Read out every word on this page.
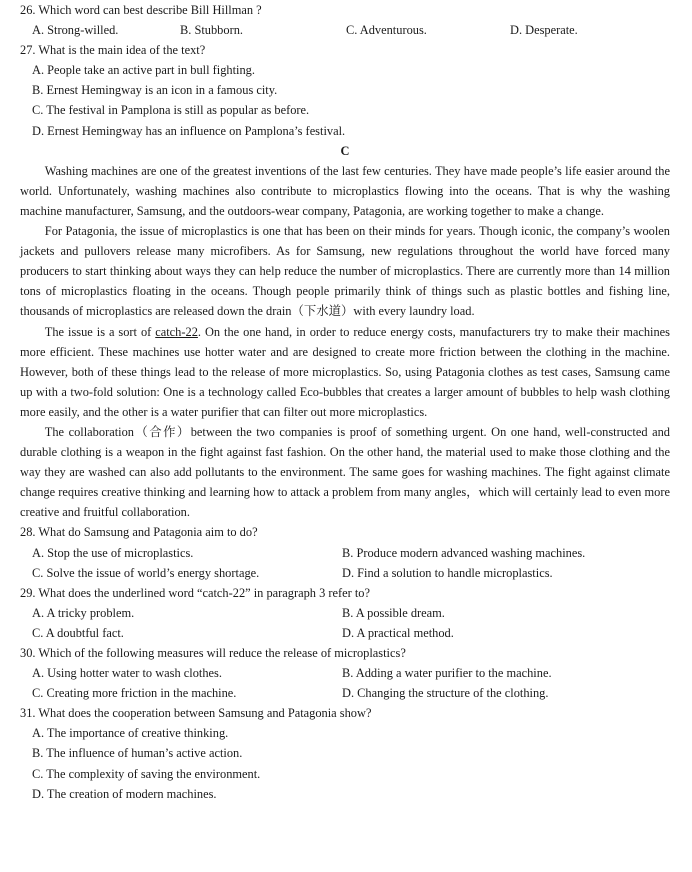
26. Which word can best describe Bill Hillman ?

A. Strong-willed.	B. Stubborn.	C. Adventurous.	D. Desperate.

27. What is the main idea of the text?

A. People take an active part in bull fighting.

B. Ernest Hemingway is an icon in a famous city.

C. The festival in Pamplona is still as popular as before.

D. Ernest Hemingway has an influence on Pamplona’s festival.

C

Washing machines are one of the greatest inventions of the last few centuries. They have made people’s life easier around the world. Unfortunately, washing machines also contribute to microplastics flowing into the oceans. That is why the washing machine manufacturer, Samsung, and the outdoors-wear company, Patagonia, are working together to make a change.

For Patagonia, the issue of microplastics is one that has been on their minds for years. Though iconic, the company’s woolen jackets and pullovers release many microfibers. As for Samsung, new regulations throughout the world have forced many producers to start thinking about ways they can help reduce the number of microplastics. There are currently more than 14 million tons of microplastics floating in the oceans. Though people primarily think of things such as plastic bottles and fishing line, thousands of microplastics are released down the drain（下水道）with every laundry load.

The issue is a sort of catch-22. On the one hand, in order to reduce energy costs, manufacturers try to make their machines more efficient. These machines use hotter water and are designed to create more friction between the clothing in the machine. However, both of these things lead to the release of more microplastics. So, using Patagonia clothes as test cases, Samsung came up with a two-fold solution: One is a technology called Eco-bubbles that creates a larger amount of bubbles to help wash clothing more easily, and the other is a water purifier that can filter out more microplastics.

The collaboration（合作）between the two companies is proof of something urgent. On one hand, well-constructed and durable clothing is a weapon in the fight against fast fashion. On the other hand, the material used to make those clothing and the way they are washed can also add pollutants to the environment. The same goes for washing machines. The fight against climate change requires creative thinking and learning how to attack a problem from many angles，which will certainly lead to even more creative and fruitful collaboration.

28. What do Samsung and Patagonia aim to do?

A. Stop the use of microplastics.	B. Produce modern advanced washing machines.
C. Solve the issue of world’s energy shortage.	D. Find a solution to handle microplastics.

29. What does the underlined word “catch-22” in paragraph 3 refer to?

A. A tricky problem.	B. A possible dream.
C. A doubtful fact.	D. A practical method.

30. Which of the following measures will reduce the release of microplastics?

A. Using hotter water to wash clothes.	B. Adding a water purifier to the machine.
C. Creating more friction in the machine.	D. Changing the structure of the clothing.

31. What does the cooperation between Samsung and Patagonia show?

A. The importance of creative thinking.

B. The influence of human’s active action.

C. The complexity of saving the environment.

D. The creation of modern machines.
